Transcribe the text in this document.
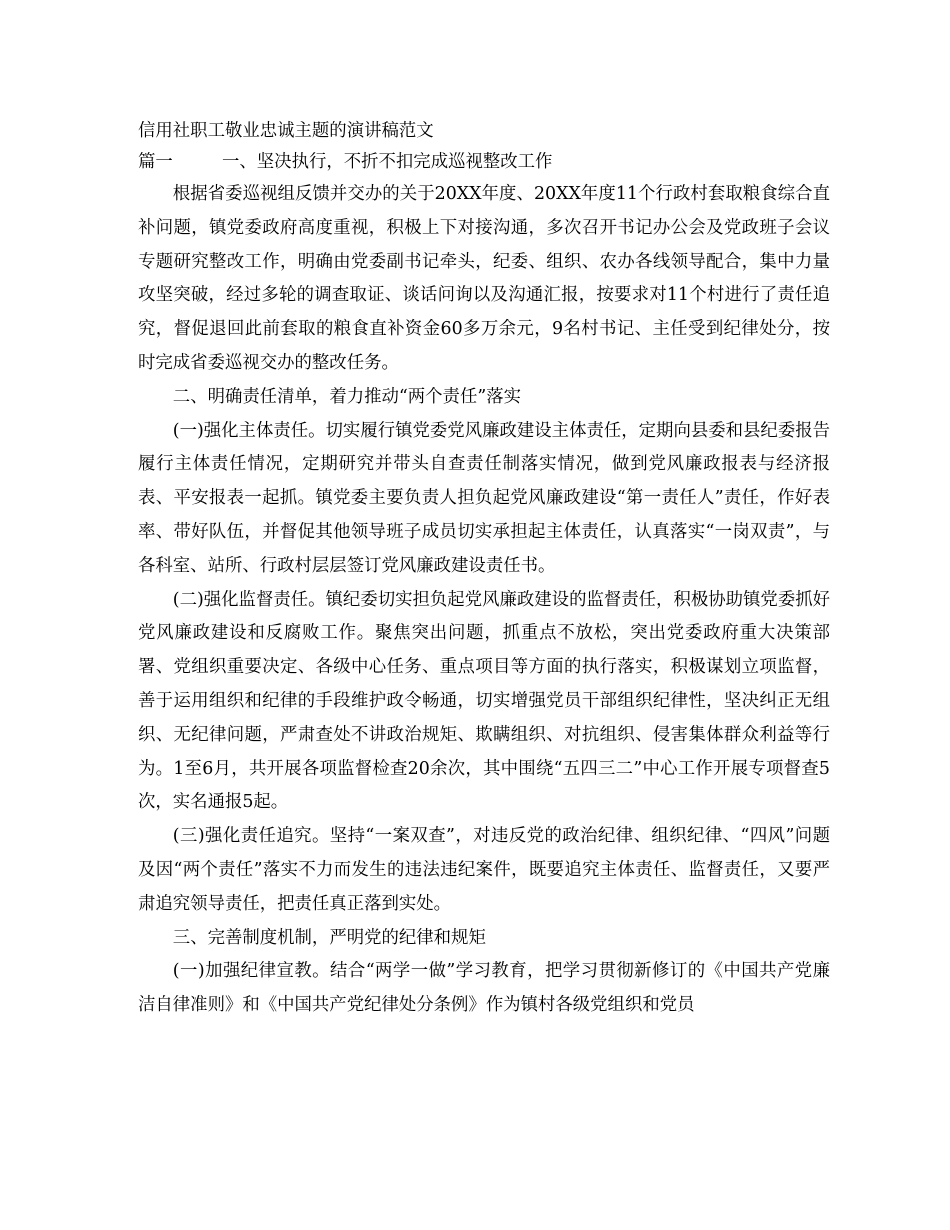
信用社职工敬业忠诚主题的演讲稿范文
篇一	一、坚决执行，不折不扣完成巡视整改工作

根据省委巡视组反馈并交办的关于20XX年度、20XX年度11个行政村套取粮食综合直补问题，镇党委政府高度重视，积极上下对接沟通，多次召开书记办公会及党政班子会议专题研究整改工作，明确由党委副书记牵头，纪委、组织、农办各线领导配合，集中力量攻坚突破，经过多轮的调查取证、谈话问询以及沟通汇报，按要求对11个村进行了责任追究，督促退回此前套取的粮食直补资金60多万余元，9名村书记、主任受到纪律处分，按时完成省委巡视交办的整改任务。

二、明确责任清单，着力推动“两个责任”落实

(一)强化主体责任。切实履行镇党委党风廉政建设主体责任，定期向县委和县纪委报告履行主体责任情况，定期研究并带头自查责任制落实情况，做到党风廉政报表与经济报表、平安报表一起抓。镇党委主要负责人担负起党风廉政建设“第一责任人”责任，作好表率、带好队伍，并督促其他领导班子成员切实承担起主体责任，认真落实“一岗双责”，与各科室、站所、行政村层层签订党风廉政建设责任书。

(二)强化监督责任。镇纪委切实担负起党风廉政建设的监督责任，积极协助镇党委抓好党风廉政建设和反腐败工作。聚焦突出问题，抓重点不放松，突出党委政府重大决策部署、党组织重要决定、各级中心任务、重点项目等方面的执行落实，积极谋划立项监督，善于运用组织和纪律的手段维护政令畅通，切实增强党员干部组织纪律性，坚决纠正无组织、无纪律问题，严肃查处不讲政治规矩、欺瞒组织、对抗组织、侵害集体群众利益等行为。1至6月，共开展各项监督检查20余次，其中围绕“五四三二”中心工作开展专项督查5次，实名通报5起。

(三)强化责任追究。坚持“一案双查”，对违反党的政治纪律、组织纪律、“四风”问题及因“两个责任”落实不力而发生的违法违纪案件，既要追究主体责任、监督责任，又要严肃追究领导责任，把责任真正落到实处。

三、完善制度机制，严明党的纪律和规矩

(一)加强纪律宣教。结合“两学一做”学习教育，把学习贯彻新修订的《中国共产党廉洁自律准则》和《中国共产党纪律处分条例》作为镇村各级党组织和党员
